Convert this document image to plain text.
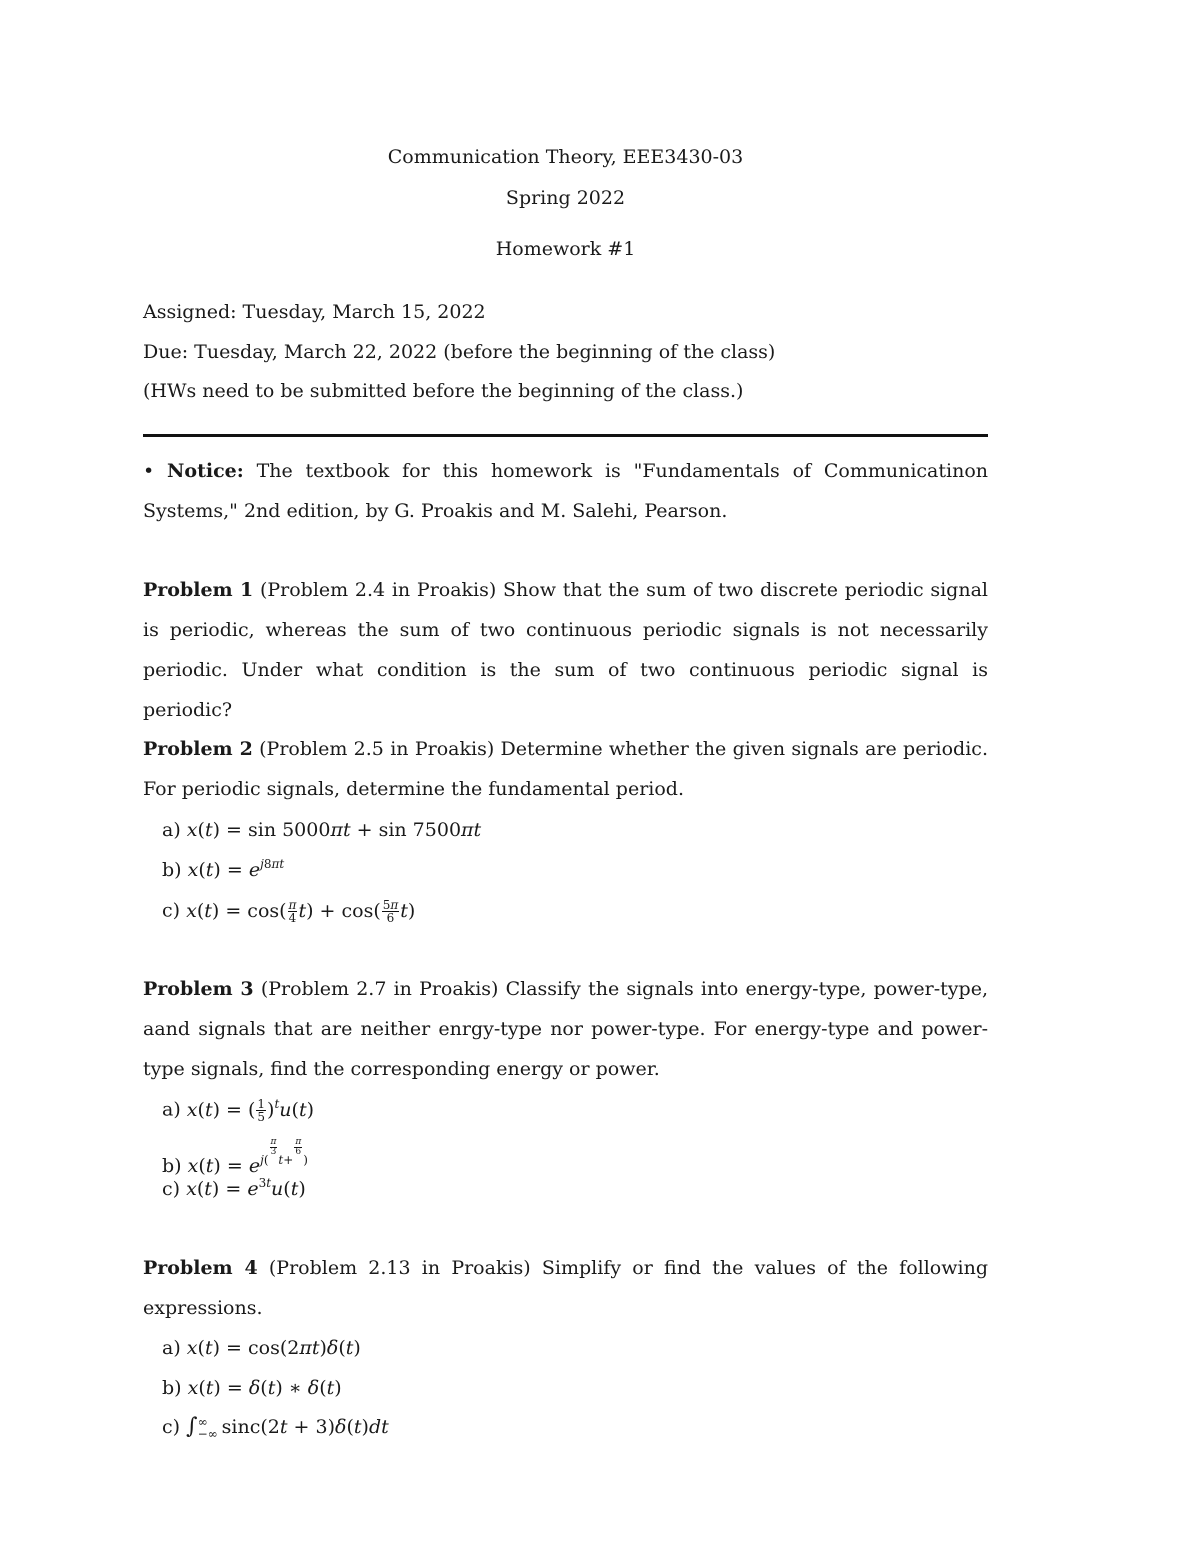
Communication Theory, EEE3430-03
Spring 2022
Homework #1
Assigned: Tuesday, March 15, 2022
Due: Tuesday, March 22, 2022 (before the beginning of the class)
(HWs need to be submitted before the beginning of the class.)
• Notice: The textbook for this homework is "Fundamentals of Communicatinon Systems," 2nd edition, by G. Proakis and M. Salehi, Pearson.
Problem 1 (Problem 2.4 in Proakis) Show that the sum of two discrete periodic signal is periodic, whereas the sum of two continuous periodic signals is not necessarily periodic. Under what condition is the sum of two continuous periodic signal is periodic?
Problem 2 (Problem 2.5 in Proakis) Determine whether the given signals are periodic. For periodic signals, determine the fundamental period.
a) x(t) = sin 5000πt + sin 7500πt
b) $x(t) = e^{j8\pi t}$
c) $x(t) = \cos( \frac{\pi}{4} t) + \cos( \frac{5\pi}{6} t)$
Problem 3 (Problem 2.7 in Proakis) Classify the signals into energy-type, power-type, aand signals that are neither enrgy-type nor power-type. For energy-type and power-type signals, find the corresponding energy or power.
a) x(t) = ( $\frac{1}{5} )^tu(t)$
b) $x(t) = e^{j( \frac{\pi}{3} t+ \frac{\pi}{6} )}$
c) $x(t) = e^{3t}u(t)$
Problem 4 (Problem 2.13 in Proakis) Simplify or find the values of the following expressions.
a) x(t) = cos(2πt)δ(t)
b) x(t) = δ(t) ∗ δ(t)
c) ∫ ∞
−∞ sinc(2t + 3)δ(t)dt
